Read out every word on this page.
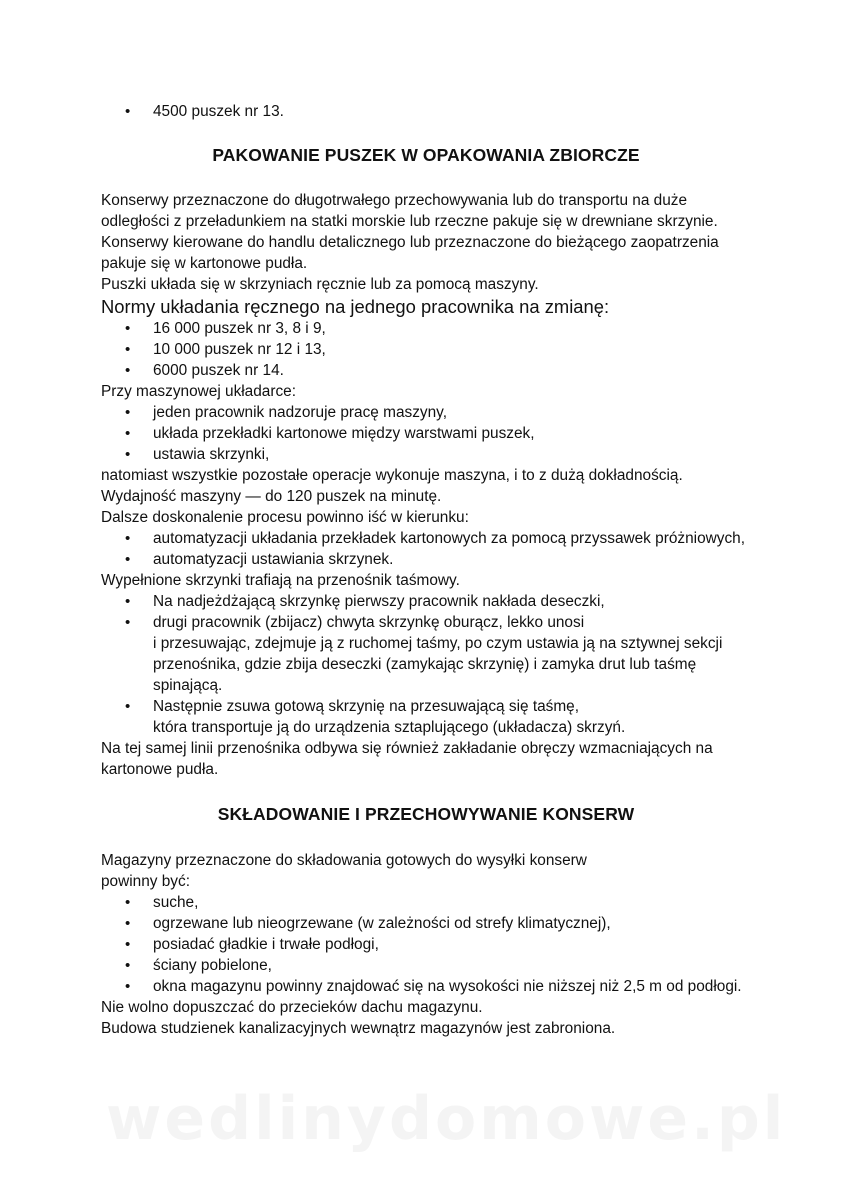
• 4500 puszek nr 13.
PAKOWANIE PUSZEK W OPAKOWANIA ZBIORCZE

Konserwy przeznaczone do długotrwałego przechowywania lub do transportu na duże odległości z przeładunkiem na statki morskie lub rzeczne pakuje się w drewniane skrzynie.

Konserwy kierowane do handlu detalicznego lub przeznaczone do bieżącego zaopatrzenia pakuje się w kartonowe pudła.

Puszki układa się w skrzyniach ręcznie lub za pomocą maszyny.

Normy układania ręcznego na jednego pracownika na zmianę:

• 16 000 puszek nr 3, 8 i 9,
• 10 000 puszek nr 12 i 13,
• 6000 puszek nr 14.

Przy maszynowej układarce:

• jeden pracownik nadzoruje pracę maszyny,
• układa przekładki kartonowe między warstwami puszek,
• ustawia skrzynki,

natomiast wszystkie pozostałe operacje wykonuje maszyna, i to z dużą dokładnością.

Wydajność maszyny — do 120 puszek na minutę.

Dalsze doskonalenie procesu powinno iść w kierunku:

• automatyzacji układania przekładek kartonowych za pomocą przyssawek próżniowych,
• automatyzacji ustawiania skrzynek.

Wypełnione skrzynki trafiają na przenośnik taśmowy.

• Na nadjeżdżającą skrzynkę pierwszy pracownik nakłada deseczki,
• drugi pracownik (zbijacz) chwyta skrzynkę oburącz, lekko unosi
i przesuwając, zdejmuje ją z ruchomej taśmy, po czym ustawia ją na sztywnej sekcji przenośnika, gdzie zbija deseczki (zamykając skrzynię) i zamyka drut lub taśmę spinającą.
• Następnie zsuwa gotową skrzynię na przesuwającą się taśmę,
która transportuje ją do urządzenia sztaplującego (układacza) skrzyń.

Na tej samej linii przenośnika odbywa się również zakładanie obręczy wzmacniających na kartonowe pudła.

SKŁADOWANIE I PRZECHOWYWANIE KONSERW

Magazyny przeznaczone do składowania gotowych do wysyłki konserw
powinny być:

• suche,
• ogrzewane lub nieogrzewane (w zależności od strefy klimatycznej),
• posiadać gładkie i trwałe podłogi,
• ściany pobielone,
• okna magazynu powinny znajdować się na wysokości nie niższej niż 2,5 m od podłogi.

Nie wolno dopuszczać do przecieków dachu magazynu.

Budowa studzienek kanalizacyjnych wewnątrz magazynów jest zabroniona.

wedlinydomowe.pl
